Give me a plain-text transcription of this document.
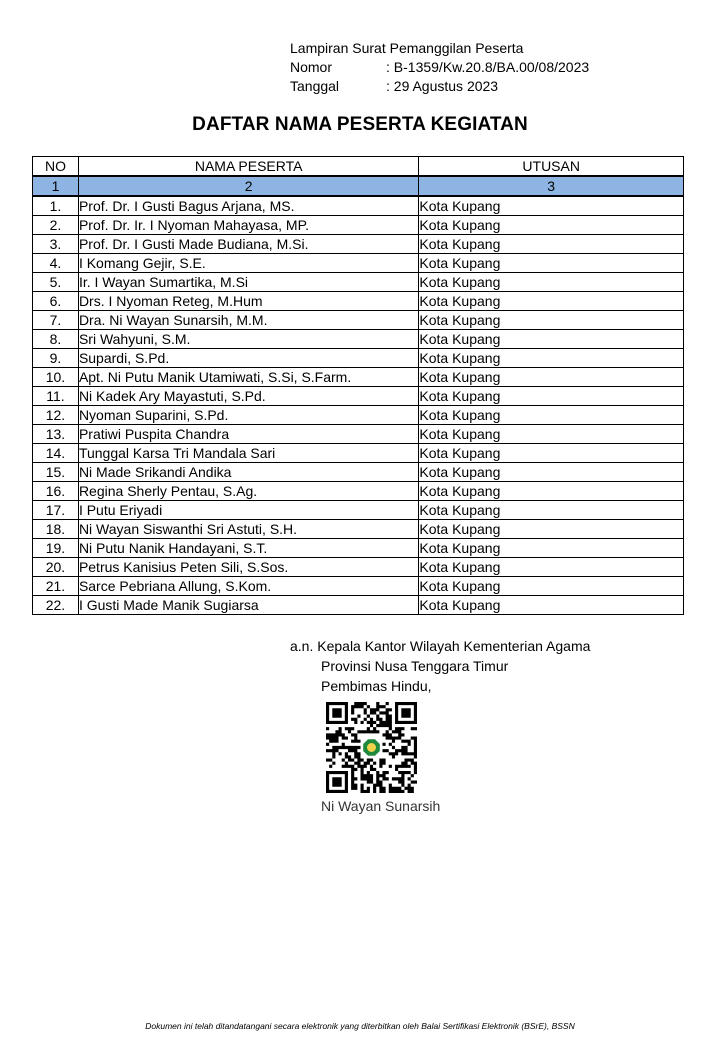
Lampiran Surat Pemanggilan Peserta
Nomor	: B-1359/Kw.20.8/BA.00/08/2023
Tanggal	: 29 Agustus 2023
DAFTAR NAMA PESERTA KEGIATAN
NO	NAMA PESERTA	UTUSAN
1	2	3
1.	Prof. Dr. I Gusti Bagus Arjana, MS.	Kota Kupang
2.	Prof. Dr. Ir. I Nyoman Mahayasa, MP.	Kota Kupang
3.	Prof. Dr. I Gusti Made Budiana, M.Si.	Kota Kupang
4.	I Komang Gejir, S.E.	Kota Kupang
5.	Ir. I Wayan Sumartika, M.Si	Kota Kupang
6.	Drs. I Nyoman Reteg, M.Hum	Kota Kupang
7.	Dra. Ni Wayan Sunarsih, M.M.	Kota Kupang
8.	Sri Wahyuni, S.M.	Kota Kupang
9.	Supardi, S.Pd.	Kota Kupang
10.	Apt. Ni Putu Manik Utamiwati, S.Si, S.Farm.	Kota Kupang
11.	Ni Kadek Ary Mayastuti, S.Pd.	Kota Kupang
12.	Nyoman Suparini, S.Pd.	Kota Kupang
13.	Pratiwi Puspita Chandra	Kota Kupang
14.	Tunggal Karsa Tri Mandala Sari	Kota Kupang
15.	Ni Made Srikandi Andika	Kota Kupang
16.	Regina Sherly Pentau, S.Ag.	Kota Kupang
17.	I Putu Eriyadi	Kota Kupang
18.	Ni Wayan Siswanthi Sri Astuti, S.H.	Kota Kupang
19.	Ni Putu Nanik Handayani, S.T.	Kota Kupang
20.	Petrus Kanisius Peten Sili, S.Sos.	Kota Kupang
21.	Sarce Pebriana Allung, S.Kom.	Kota Kupang
22.	I Gusti Made Manik Sugiarsa	Kota Kupang
a.n. Kepala Kantor Wilayah Kementerian Agama
Provinsi Nusa Tenggara Timur
Pembimas Hindu,
Ni Wayan Sunarsih
Dokumen ini telah ditandatangani secara elektronik yang diterbitkan oleh Balai Sertifikasi Elektronik (BSrE), BSSN
